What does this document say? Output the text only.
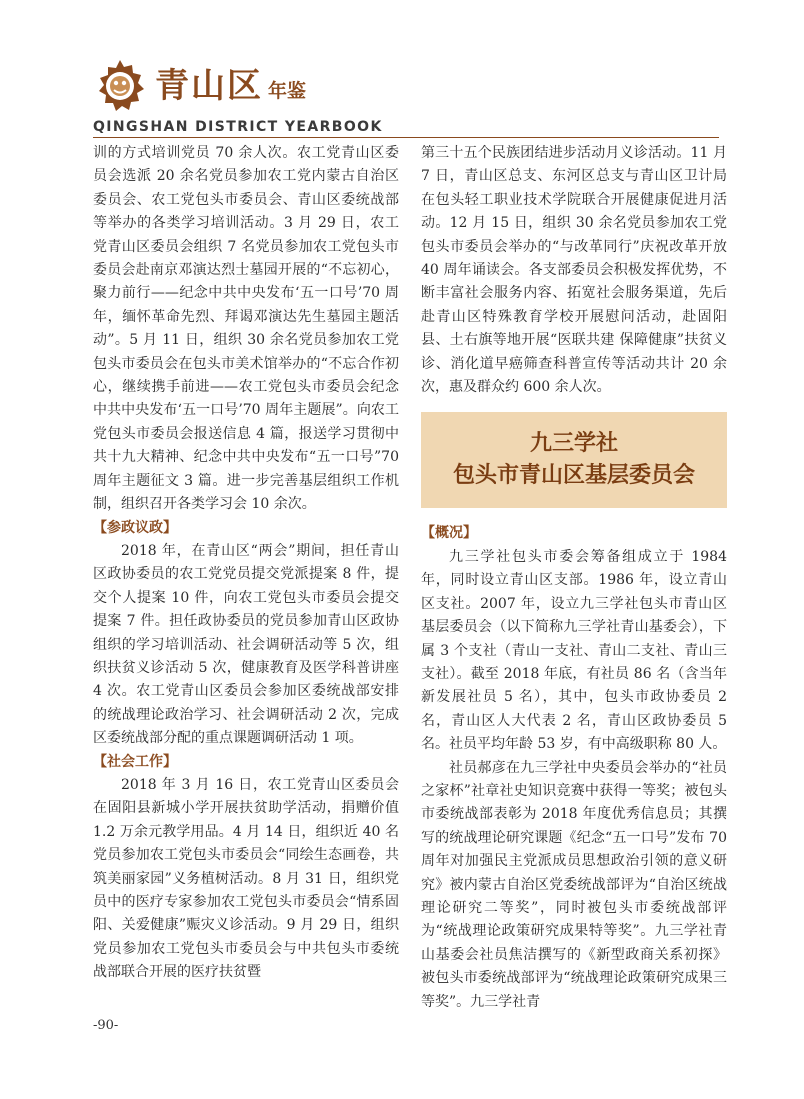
青山区 年鉴
QINGSHAN DISTRICT YEARBOOK

训的方式培训党员 70 余人次。农工党青山区委员会选派 20 余名党员参加农工党内蒙古自治区委员会、农工党包头市委员会、青山区委统战部等举办的各类学习培训活动。3 月 29 日，农工党青山区委员会组织 7 名党员参加农工党包头市委员会赴南京邓演达烈士墓园开展的“不忘初心，聚力前行——纪念中共中央发布‘五一口号’70 周年，缅怀革命先烈、拜谒邓演达先生墓园主题活动”。5 月 11 日，组织 30 余名党员参加农工党包头市委员会在包头市美术馆举办的“不忘合作初心，继续携手前进——农工党包头市委员会纪念中共中央发布‘五一口号’70 周年主题展”。向农工党包头市委员会报送信息 4 篇，报送学习贯彻中共十九大精神、纪念中共中央发布“五一口号”70 周年主题征文 3 篇。进一步完善基层组织工作机制，组织召开各类学习会 10 余次。

【参政议政】

2018 年，在青山区“两会”期间，担任青山区政协委员的农工党党员提交党派提案 8 件，提交个人提案 10 件，向农工党包头市委员会提交提案 7 件。担任政协委员的党员参加青山区政协组织的学习培训活动、社会调研活动等 5 次，组织扶贫义诊活动 5 次，健康教育及医学科普讲座 4 次。农工党青山区委员会参加区委统战部安排的统战理论政治学习、社会调研活动 2 次，完成区委统战部分配的重点课题调研活动 1 项。

【社会工作】

2018 年 3 月 16 日，农工党青山区委员会在固阳县新城小学开展扶贫助学活动，捐赠价值 1.2 万余元教学用品。4 月 14 日，组织近 40 名党员参加农工党包头市委员会“同绘生态画卷，共筑美丽家园”义务植树活动。8 月 31 日，组织党员中的医疗专家参加农工党包头市委员会“情系固阳、关爱健康”赈灾义诊活动。9 月 29 日，组织党员参加农工党包头市委员会与中共包头市委统战部联合开展的医疗扶贫暨

第三十五个民族团结进步活动月义诊活动。11 月 7 日，青山区总支、东河区总支与青山区卫计局在包头轻工职业技术学院联合开展健康促进月活动。12 月 15 日，组织 30 余名党员参加农工党包头市委员会举办的“与改革同行”庆祝改革开放 40 周年诵读会。各支部委员会积极发挥优势，不断丰富社会服务内容、拓宽社会服务渠道，先后赴青山区特殊教育学校开展慰问活动，赴固阳县、土右旗等地开展“医联共建 保障健康”扶贫义诊、消化道早癌筛查科普宣传等活动共计 20 余次，惠及群众约 600 余人次。

九三学社
包头市青山区基层委员会
【概况】

九三学社包头市委会筹备组成立于 1984 年，同时设立青山区支部。1986 年，设立青山区支社。2007 年，设立九三学社包头市青山区基层委员会（以下简称九三学社青山基委会），下属 3 个支社（青山一支社、青山二支社、青山三支社）。截至 2018 年底，有社员 86 名（含当年新发展社员 5 名），其中，包头市政协委员 2 名，青山区人大代表 2 名，青山区政协委员 5 名。社员平均年龄 53 岁，有中高级职称 80 人。

社员郝彦在九三学社中央委员会举办的“社员之家杯”社章社史知识竞赛中获得一等奖；被包头市委统战部表彰为 2018 年度优秀信息员；其撰写的统战理论研究课题《纪念“五一口号”发布 70 周年对加强民主党派成员思想政治引领的意义研究》被内蒙古自治区党委统战部评为“自治区统战理论研究二等奖”，同时被包头市委统战部评为“统战理论政策研究成果特等奖”。九三学社青山基委会社员焦洁撰写的《新型政商关系初探》被包头市委统战部评为“统战理论政策研究成果三等奖”。九三学社青

-90-
